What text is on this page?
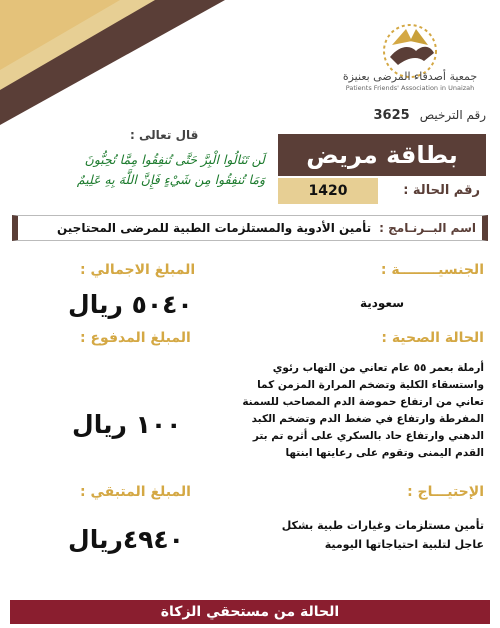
جمعية أصدقاء المرضى بعنيزة
Patients Friends' Association in Unaizah
رقم الترخيص
3625
قال تعالى :
لَن تَنَالُوا الْبِرَّ حَتَّى تُنفِقُوا مِمَّا تُحِبُّونَ
وَمَا تُنفِقُوا مِن شَيْءٍ فَإِنَّ اللَّهَ بِهِ عَلِيمٌ
بطاقة مريض
رقم الحالة :
1420
اسم البــرنـامج :
تأمين الأدوية والمستلزمات الطبية للمرضى المحتاجين
الجنسيــــــــة :
سعودية
الحالة الصحية :
أرملة بعمر ٥٥ عام تعاني من التهاب رئوي واستسقاء الكلية وتضخم المرارة المزمن كما تعاني من ارتفاع حموضة الدم المصاحب للسمنة المفرطة وارتفاع في ضغط الدم وتضخم الكبد الدهني وارتفاع حاد بالسكري على أثره تم بتر القدم اليمنى وتقوم على رعايتها ابنتها
الإحتيـــاج :
تأمين مستلزمات وغيارات طبية بشكل عاجل لتلبية احتياجاتها اليومية
المبلغ الاجمالي :
٥٠٤٠ ريال
المبلغ المدفوع :
١٠٠ ريال
المبلغ المتبقي :
٤٩٤٠ريال
الحالة من مستحقي الزكاة
